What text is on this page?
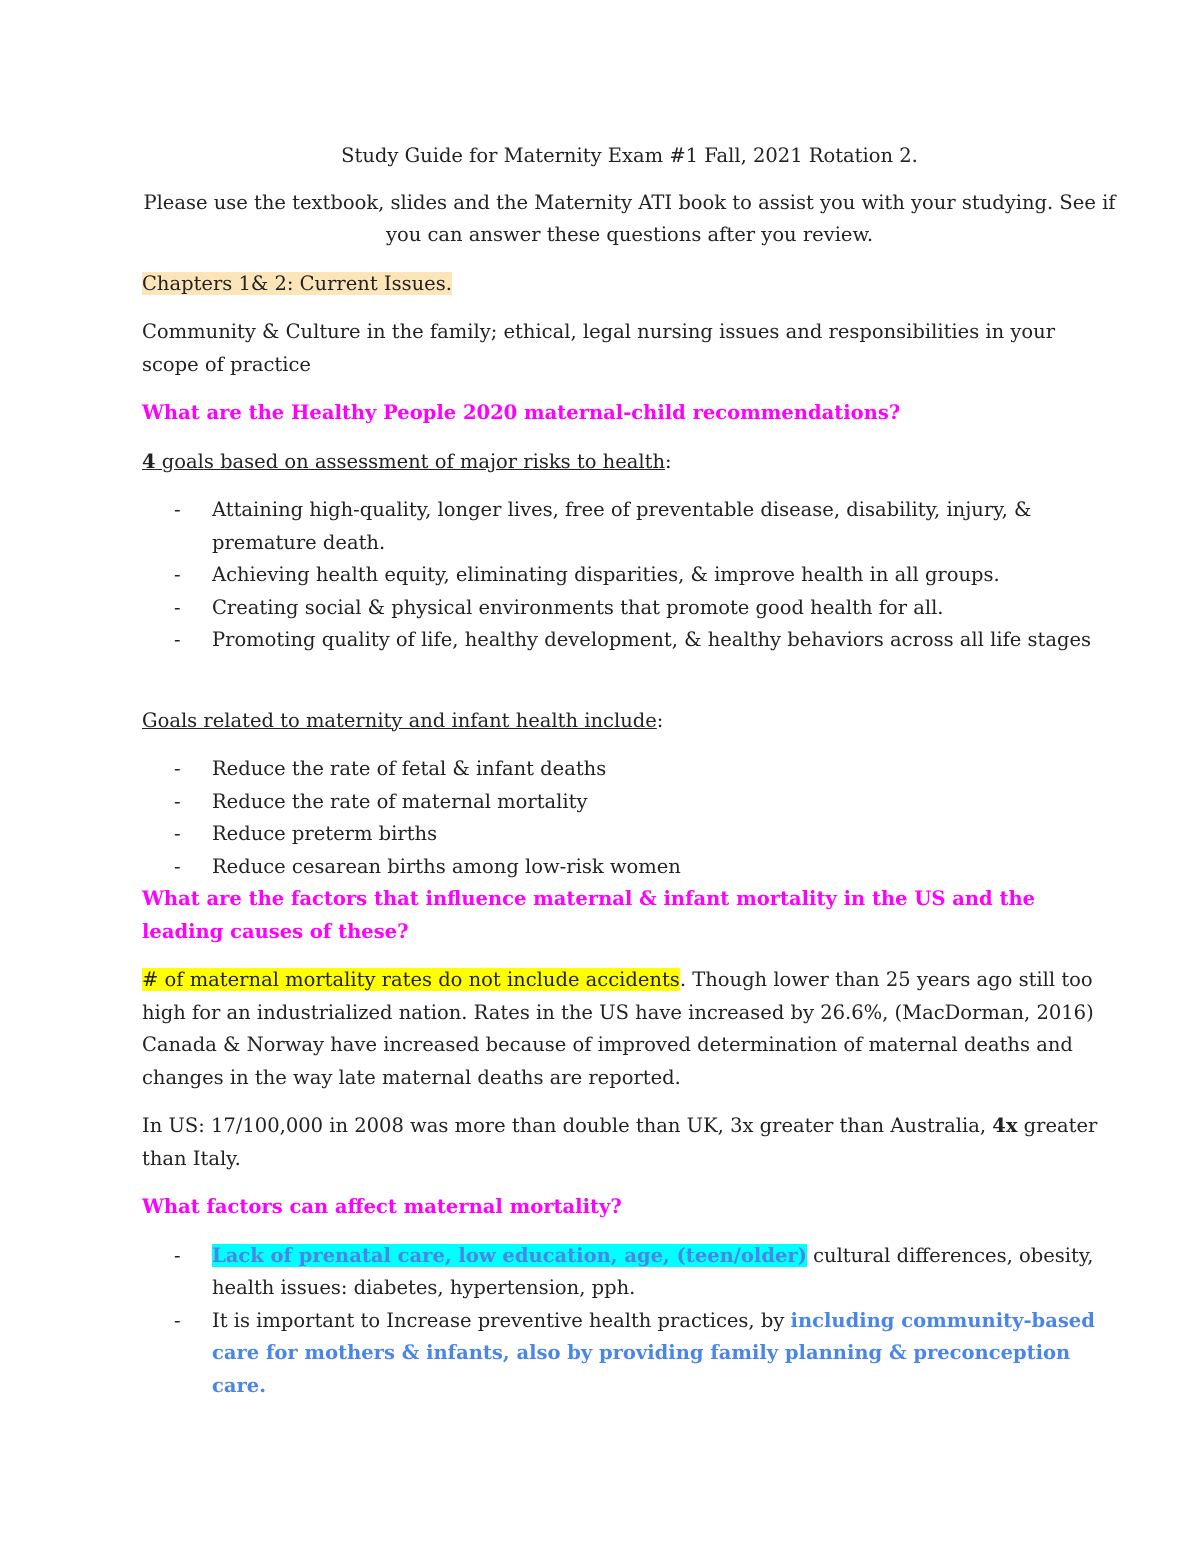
Study Guide for Maternity Exam #1 Fall, 2021 Rotation 2.

Please use the textbook, slides and the Maternity ATI book to assist you with your studying. See if you can answer these questions after you review.

Chapters 1& 2: Current Issues.

Community & Culture in the family; ethical, legal nursing issues and responsibilities in your scope of practice

What are the Healthy People 2020 maternal-child recommendations?

4 goals based on assessment of major risks to health:

- Attaining high-quality, longer lives, free of preventable disease, disability, injury, & premature death.
- Achieving health equity, eliminating disparities, & improve health in all groups.
- Creating social & physical environments that promote good health for all.
- Promoting quality of life, healthy development, & healthy behaviors across all life stages

Goals related to maternity and infant health include:

- Reduce the rate of fetal & infant deaths
- Reduce the rate of maternal mortality
- Reduce preterm births
- Reduce cesarean births among low-risk women

What are the factors that influence maternal & infant mortality in the US and the leading causes of these?

# of maternal mortality rates do not include accidents. Though lower than 25 years ago still too high for an industrialized nation. Rates in the US have increased by 26.6%, (MacDorman, 2016) Canada & Norway have increased because of improved determination of maternal deaths and changes in the way late maternal deaths are reported.

In US: 17/100,000 in 2008 was more than double than UK, 3x greater than Australia, 4x greater than Italy.

What factors can affect maternal mortality?

- Lack of prenatal care, low education, age, (teen/older) cultural differences, obesity, health issues: diabetes, hypertension, pph.
- It is important to Increase preventive health practices, by including community-based care for mothers & infants, also by providing family planning & preconception care.
